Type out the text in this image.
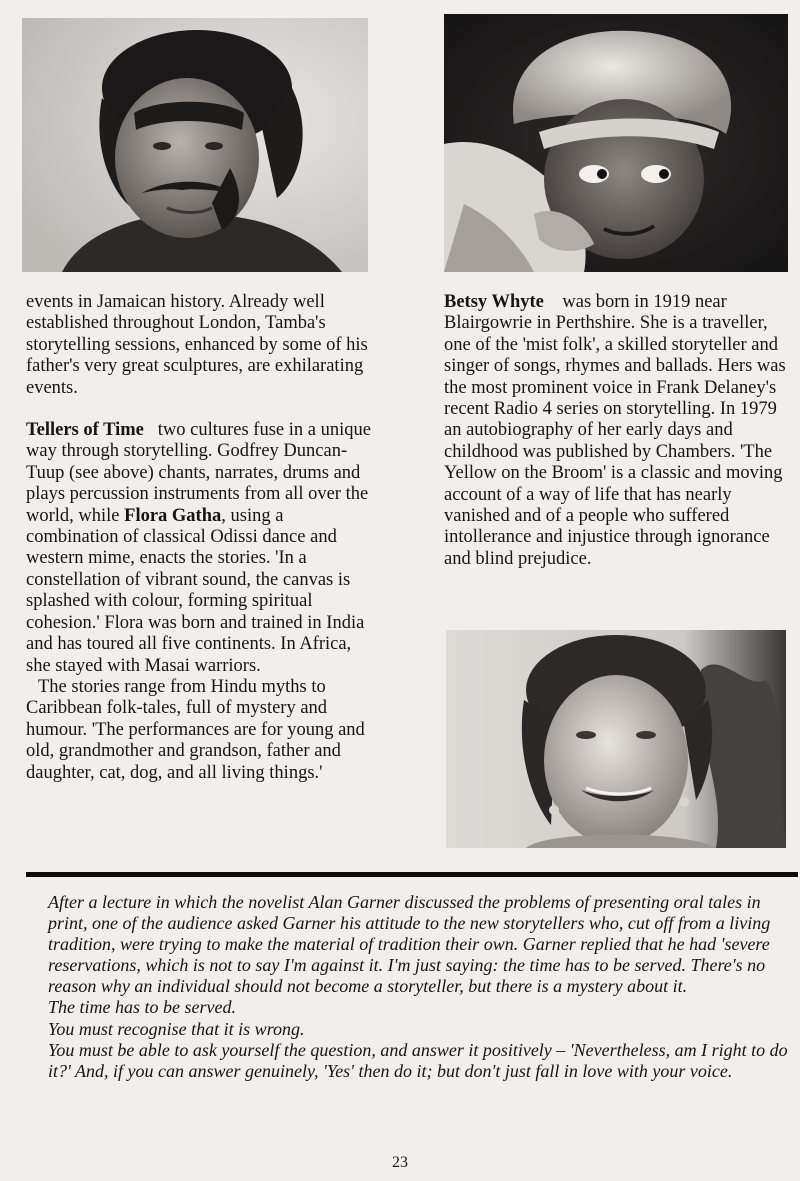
events in Jamaican history. Already well established throughout London, Tamba's storytelling sessions, enhanced by some of his father's very great sculptures, are exhilarating events.

Tellers of Time two cultures fuse in a unique way through storytelling. Godfrey Duncan-Tuup (see above) chants, narrates, drums and plays percussion instruments from all over the world, while Flora Gatha, using a combination of classical Odissi dance and western mime, enacts the stories. 'In a constellation of vibrant sound, the canvas is splashed with colour, forming spiritual cohesion.' Flora was born and trained in India and has toured all five continents. In Africa, she stayed with Masai warriors.

The stories range from Hindu myths to Caribbean folk-tales, full of mystery and humour. 'The performances are for young and old, grandmother and grandson, father and daughter, cat, dog, and all living things.'

Betsy Whyte was born in 1919 near Blairgowrie in Perthshire. She is a traveller, one of the 'mist folk', a skilled storyteller and singer of songs, rhymes and ballads. Hers was the most prominent voice in Frank Delaney's recent Radio 4 series on storytelling. In 1979 an autobiography of her early days and childhood was published by Chambers. 'The Yellow on the Broom' is a classic and moving account of a way of life that has nearly vanished and of a people who suffered intollerance and injustice through ignorance and blind prejudice.

After a lecture in which the novelist Alan Garner discussed the problems of presenting oral tales in print, one of the audience asked Garner his attitude to the new storytellers who, cut off from a living tradition, were trying to make the material of tradition their own. Garner replied that he had 'severe reservations, which is not to say I'm against it. I'm just saying: the time has to be served. There's no reason why an individual should not become a storyteller, but there is a mystery about it.

The time has to be served.

You must recognise that it is wrong.

You must be able to ask yourself the question, and answer it positively – 'Nevertheless, am I right to do it?' And, if you can answer genuinely, 'Yes' then do it; but don't just fall in love with your voice.

23
